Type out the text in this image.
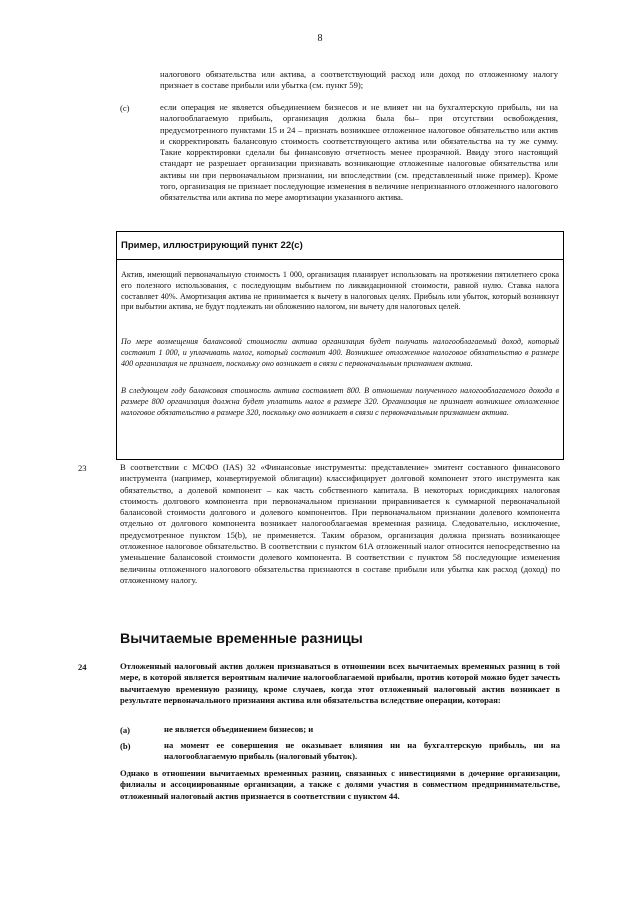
8
налогового обязательства или актива, а соответствующий расход или доход по отложенному налогу признает в составе прибыли или убытка (см. пункт 59);
(c)	если операция не является объединением бизнесов и не влияет ни на бухгалтерскую прибыль, ни на налогооблагаемую прибыль, организация должна была бы– при отсутствии освобождения, предусмотренного пунктами 15 и 24 – признать возникшее отложенное налоговое обязательство или актив и скорректировать балансовую стоимость соответствующего актива или обязательства на ту же сумму. Такие корректировки сделали бы финансовую отчетность менее прозрачной. Ввиду этого настоящий стандарт не разрешает организации признавать возникающие отложенные налоговые обязательства или активы ни при первоначальном признании, ни впоследствии (см. представленный ниже пример). Кроме того, организация не признает последующие изменения в величине непризнанного отложенного налогового обязательства или актива по мере амортизации указанного актива.
Пример, иллюстрирующий пункт 22(с)
Актив, имеющий первоначальную стоимость 1 000, организация планирует использовать на протяжении пятилетнего срока его полезного использования, с последующим выбытием по ликвидационной стоимости, равной нулю. Ставка налога составляет 40%. Амортизация актива не принимается к вычету в налоговых целях. Прибыль или убыток, который возникнут при выбытии актива, не будут подлежать ни обложению налогом, ни вычету для налоговых целей.
По мере возмещения балансовой стоимости актива организация будет получать налогооблагаемый доход, который составит 1 000, и уплачивать налог, который составит 400. Возникшее отложенное налоговое обязательство в размере 400 организация не признает, поскольку оно возникает в связи с первоначальным признанием актива.
В следующем году балансовая стоимость актива составляет 800. В отношении полученного налогооблагаемого дохода в размере 800 организация должна будет уплатить налог в размере 320. Организация не признает возникшее отложенное налоговое обязательство в размере 320, поскольку оно возникает в связи с первоначальным признанием актива.
23	В соответствии с МСФО (IAS) 32 «Финансовые инструменты: представление» эмитент составного финансового инструмента (например, конвертируемой облигации) классифицирует долговой компонент этого инструмента как обязательство, а долевой компонент – как часть собственного капитала. В некоторых юрисдикциях налоговая стоимость долгового компонента при первоначальном признании приравнивается к суммарной первоначальной балансовой стоимости долгового и долевого компонентов. При первоначальном признании долевого компонента отдельно от долгового компонента возникает налогооблагаемая временная разница. Следовательно, исключение, предусмотренное пунктом 15(b), не применяется. Таким образом, организация должна признать возникающее отложенное налоговое обязательство. В соответствии с пунктом 61А отложенный налог относится непосредственно на уменьшение балансовой стоимости долевого компонента. В соответствии с пунктом 58 последующие изменения величины отложенного налогового обязательства признаются в составе прибыли или убытка как расход (доход) по отложенному налогу.
Вычитаемые временные разницы
24	Отложенный налоговый актив должен признаваться в отношении всех вычитаемых временных разниц в той мере, в которой является вероятным наличие налогооблагаемой прибыли, против которой можно будет зачесть вычитаемую временную разницу, кроме случаев, когда этот отложенный налоговый актив возникает в результате первоначального признания актива или обязательства вследствие операции, которая:
(а)	не является объединением бизнесов; и
(b)	на момент ее совершения не оказывает влияния ни на бухгалтерскую прибыль, ни на налогооблагаемую прибыль (налоговый убыток).
Однако в отношении вычитаемых временных разниц, связанных с инвестициями в дочерние организации, филиалы и ассоциированные организации, а также с долями участия в совместном предпринимательстве, отложенный налоговый актив признается в соответствии с пунктом 44.
